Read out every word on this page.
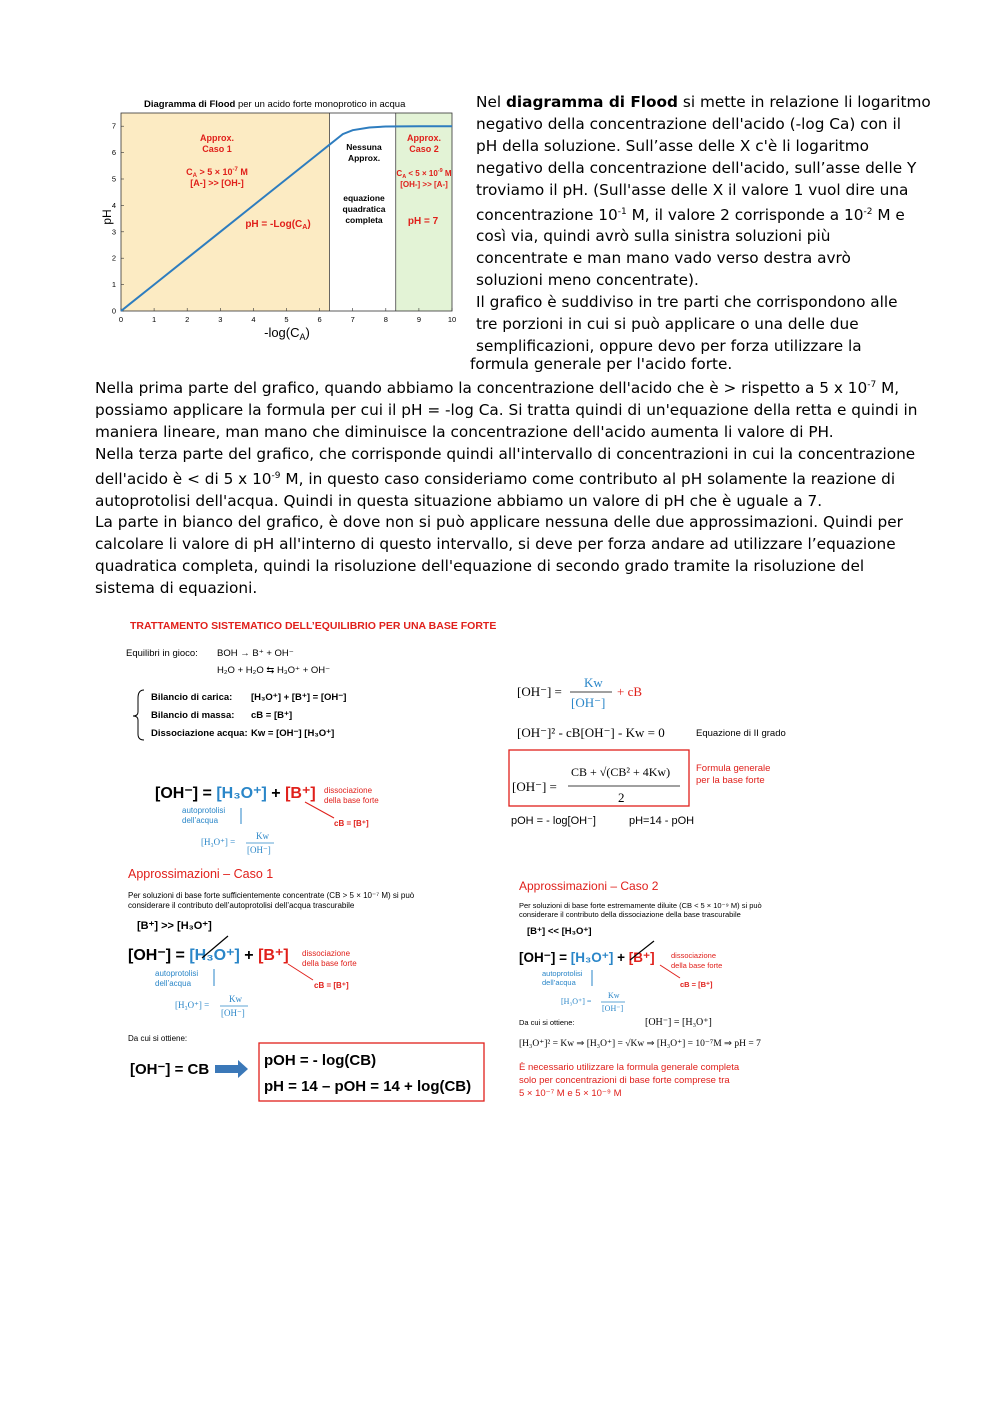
Diagramma di Flood per un acido forte monoprotico in acqua
0	1	2	3	4	5	6	7	8	9	10
0
1
2
3
4
5
6
7
Approx.
Caso 1
$C_A > 5 \times 10^{-7}$ M
[A-] >> [OH-]
pH = $-Log(C_A)$
Nessuna
Approx.
equazione
quadratica
completa
Approx.
Caso 2
$C_A < 5 \times 10^{-9}$ M
[OH-] >> [A-]
pH = 7
pH
$-\log(C_A)$
Nel diagramma di Flood si mette in relazione li logaritmo
negativo della concentrazione dell'acido (-log Ca) con il
pH della soluzione. Sull’asse delle X c'è li logaritmo
negativo della concentrazione dell'acido, sull’asse delle Y
troviamo il pH. (Sull'asse delle X il valore 1 vuol dire una
concentrazione $10^{-1}$ M, il valore 2 corrisponde a $10^{-2}$ M e
così via, quindi avrò sulla sinistra soluzioni più
concentrate e man mano vado verso destra avrò
soluzioni meno concentrate).
Il grafico è suddiviso in tre parti che corrispondono alle
tre porzioni in cui si può applicare o una delle due
semplificazioni, oppure devo per forza utilizzare la
formula generale per l'acido forte.
Nella prima parte del grafico, quando abbiamo la concentrazione dell'acido che è > rispetto a 5 x $10^{-7}$ M,
possiamo applicare la formula per cui il pH = -log Ca. Si tratta quindi di un'equazione della retta e quindi in
maniera lineare, man mano che diminuisce la concentrazione dell'acido aumenta li valore di PH.
Nella terza parte del grafico, che corrisponde quindi all'intervallo di concentrazioni in cui la concentrazione
dell'acido è < di 5 x $10^{-9}$ M, in questo caso consideriamo come contributo al pH solamente la reazione di
autoprotolisi dell'acqua. Quindi in questa situazione abbiamo un valore di pH che è uguale a 7.
La parte in bianco del grafico, è dove non si può applicare nessuna delle due approssimazioni. Quindi per
calcolare li valore di pH all'interno di questo intervallo, si deve per forza andare ad utilizzare l’equazione
quadratica completa, quindi la risoluzione dell'equazione di secondo grado tramite la risoluzione del
sistema di equazioni.
TRATTAMENTO SISTEMATICO DELL’EQUILIBRIO PER UNA BASE FORTE
Equilibri in gioco: BOH → B⁺ + OH⁻
H₂O + H₂O ⇆ H₃O⁺ + OH⁻
Bilancio di carica: [H₃O⁺] + [B⁺] = [OH⁻]
Bilancio di massa: cB = [B⁺]
Dissociazione acqua: Kw = [OH⁻] [H₃O⁺]
[OH⁻] = [H₃O⁺] + [B⁺]
autoprotolisi
dell’acqua
dissociazione
della base forte
cB = [B⁺]
[H₃O⁺] =
Kw
[OH⁻]
[OH⁻] =
Kw
[OH⁻]
+ cB
[OH⁻]² - cB[OH⁻] - Kw = 0	Equazione di II grado
[OH⁻] =
CB + √(CB² + 4Kw)
2
Formula generale
per la base forte
pOH = - log[OH⁻]	pH=14 - pOH
Approssimazioni – Caso 1
Per soluzioni di base forte sufficientemente concentrate (CB > 5 × 10⁻⁷ M) si può
considerare il contributo dell’autoprotolisi dell’acqua trascurabile
[B⁺] >> [H₃O⁺]
[OH⁻] = [H₃O⁺] + [B⁺]
autoprotolisi
dell’acqua
dissociazione
della base forte
cB = [B⁺]
[H₃O⁺] =
Kw
[OH⁻]
Da cui si ottiene:
[OH⁻] = CB
pOH = - log(CB)
pH = 14 – pOH = 14 + log(CB)
Approssimazioni – Caso 2
Per soluzioni di base forte estremamente diluite (CB < 5 × 10⁻⁹ M) si può
considerare il contributo della dissociazione della base trascurabile
[B⁺] << [H₃O⁺]
[OH⁻] = [H₃O⁺] + [B⁺]
autoprotolisi
dell’acqua
dissociazione
della base forte
cB = [B⁺]
[H₃O⁺] =
Kw
[OH⁻]
Da cui si ottiene:	[OH⁻] = [H₃O⁺]
[H₃O⁺]² = Kw ⇒ [H₃O⁺] = √Kw ⇒ [H₃O⁺] = 10⁻⁷M ⇒ pH = 7
È necessario utilizzare la formula generale completa
solo per concentrazioni di base forte comprese tra
5 × 10⁻⁷ M e 5 × 10⁻⁹ M
